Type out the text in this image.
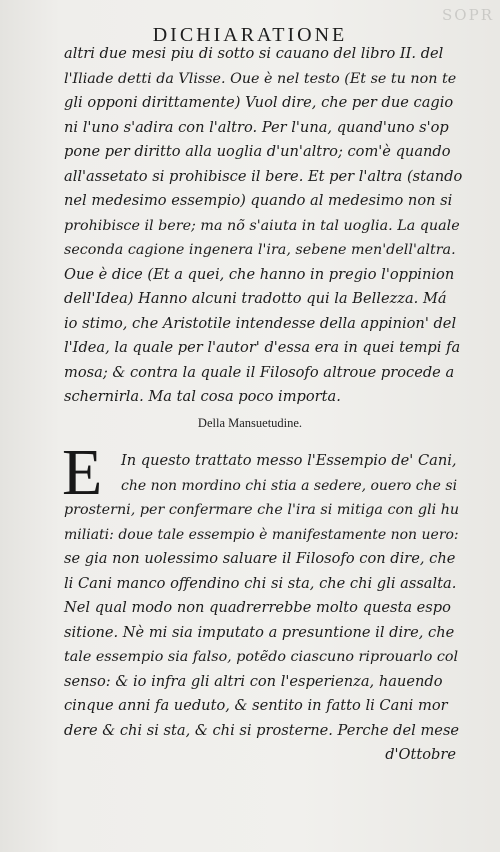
SOPR
DICHIARATIONE
altri due mesi piu di sotto si cauano del libro II. del
l'Iliade detti da Vlisse. Oue è nel testo (Et se tu non te
gli opponi dirittamente) Vuol dire, che per due cagio
ni l'uno s'adira con l'altro. Per l'una, quand'uno s'op
pone per diritto alla uoglia d'un'altro; com'è quando
all'assetato si prohibisce il bere. Et per l'altra (stando
nel medesimo essempio) quando al medesimo non si
prohibisce il bere; ma nõ s'aiuta in tal uoglia. La quale
seconda cagione ingenera l'ira, sebene men'dell'altra.
Oue è dice (Et a quei, che hanno in pregio l'oppinion
dell'Idea) Hanno alcuni tradotto qui la Bellezza. Má
io stimo, che Aristotile intendesse della appinion' del
l'Idea, la quale per l'autor' d'essa era in quei tempi fa
mosa; & contra la quale il Filosofo altroue procede a
schernirla. Ma tal cosa poco importa.
Della Mansuetudine.
E	In questo trattato messo l'Essempio de' Cani,
che non mordino chi stia a sedere, ouero che si
prosterni, per confermare che l'ira si mitiga con gli hu
miliati: doue tale essempio è manifestamente non uero:
se gia non uolessimo saluare il Filosofo con dire, che
li Cani manco offendino chi si sta, che chi gli assalta.
Nel qual modo non quadrerrebbe molto questa espo
sitione. Nè mi sia imputato a presuntione il dire, che
tale essempio sia falso, potẽdo ciascuno riprouarlo col
senso: & io infra gli altri con l'esperienza, hauendo
cinque anni fa ueduto, & sentito in fatto li Cani mor
dere & chi si sta, & chi si prosterne. Perche del mese
d'Ottobre
